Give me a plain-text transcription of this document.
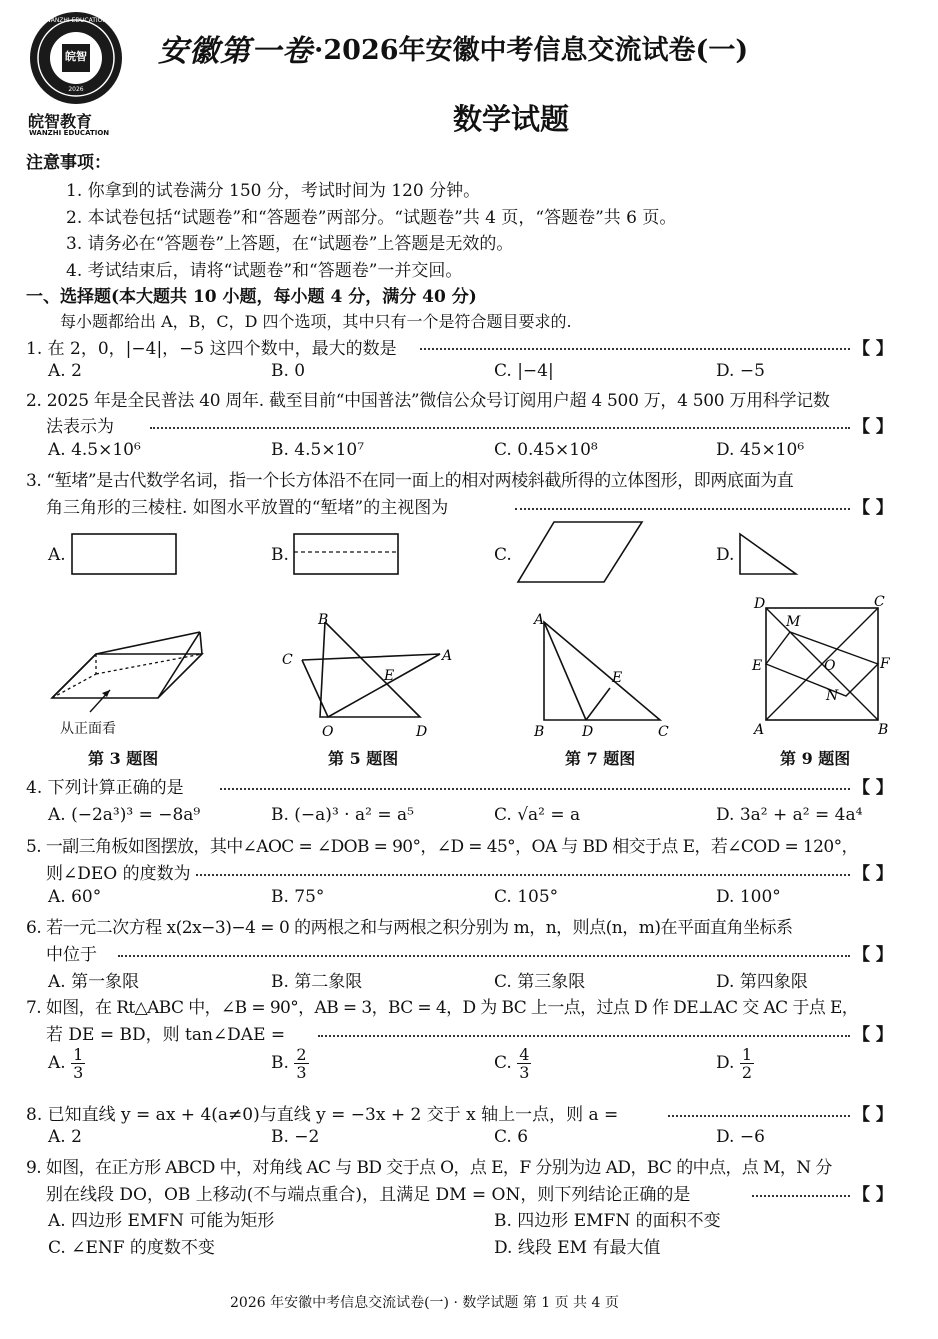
皖智
WANZHI EDUCATION
2026
皖智教育
WANZHI EDUCATION
安徽第一卷 ·2026年安徽中考信息交流试卷(一)
数学试题
注意事项：
1. 你拿到的试卷满分 150 分，考试时间为 120 分钟。
2. 本试卷包括“试题卷”和“答题卷”两部分。“试题卷”共 4 页，“答题卷”共 6 页。
3. 请务必在“答题卷”上答题，在“试题卷”上答题是无效的。
4. 考试结束后，请将“试题卷”和“答题卷”一并交回。
一、选择题(本大题共 10 小题，每小题 4 分，满分 40 分)
每小题都给出 A，B，C，D 四个选项，其中只有一个是符合题目要求的.
1. 在 2，0，|−4|，−5 这四个数中，最大的数是	【 】
A. 2	B. 0	C. |−4|	D. −5
2. 2025 年是全民普法 40 周年. 截至目前“中国普法”微信公众号订阅用户超 4 500 万，4 500 万用科学记数
法表示为	【 】
A. 4.5×10⁶	B. 4.5×10⁷	C. 0.45×10⁸	D. 45×10⁶
3. “堑堵”是古代数学名词，指一个长方体沿不在同一面上的相对两棱斜截所得的立体图形，即两底面为直
角三角形的三棱柱. 如图水平放置的“堑堵”的主视图为	【 】
A.	B.	C.	D.
从正面看
第 3 题图
B
C	A
E
O	D
第 5 题图
A
E
B	D	C
第 7 题图
D
M
C
E	O	F
N
A	B
第 9 题图
4. 下列计算正确的是	【 】
A. (−2a³)³ = −8a⁹	B. (−a)³ · a² = a⁵	C. √a² = a	D. 3a² + a² = 4a⁴
5. 一副三角板如图摆放，其中∠AOC = ∠DOB = 90°，∠D = 45°，OA 与 BD 相交于点 E，若∠COD = 120°，
则∠DEO 的度数为	【 】
A. 60°	B. 75°	C. 105°	D. 100°
6. 若一元二次方程 x(2x−3)−4 = 0 的两根之和与两根之积分别为 m，n，则点(n，m)在平面直角坐标系
中位于	【 】
A. 第一象限	B. 第二象限	C. 第三象限	D. 第四象限
7. 如图，在 Rt△ABC 中，∠B = 90°，AB = 3，BC = 4，D 为 BC 上一点，过点 D 作 DE⊥AC 交 AC 于点 E，
若 DE = BD，则 tan∠DAE =	【 】
A. $\frac{1}{3}$	B. $\frac{2}{3}$	C. $\frac{4}{3}$	D. $\frac{1}{2}$
8. 已知直线 y = ax + 4(a≠0)与直线 y = −3x + 2 交于 x 轴上一点，则 a =	【 】
A. 2	B. −2	C. 6	D. −6
9. 如图，在正方形 ABCD 中，对角线 AC 与 BD 交于点 O，点 E，F 分别为边 AD，BC 的中点，点 M，N 分
别在线段 DO，OB 上移动(不与端点重合)，且满足 DM = ON，则下列结论正确的是	【 】
A. 四边形 EMFN 可能为矩形	B. 四边形 EMFN 的面积不变
C. ∠ENF 的度数不变	D. 线段 EM 有最大值
2026 年安徽中考信息交流试卷(一) · 数学试题 第 1 页 共 4 页
